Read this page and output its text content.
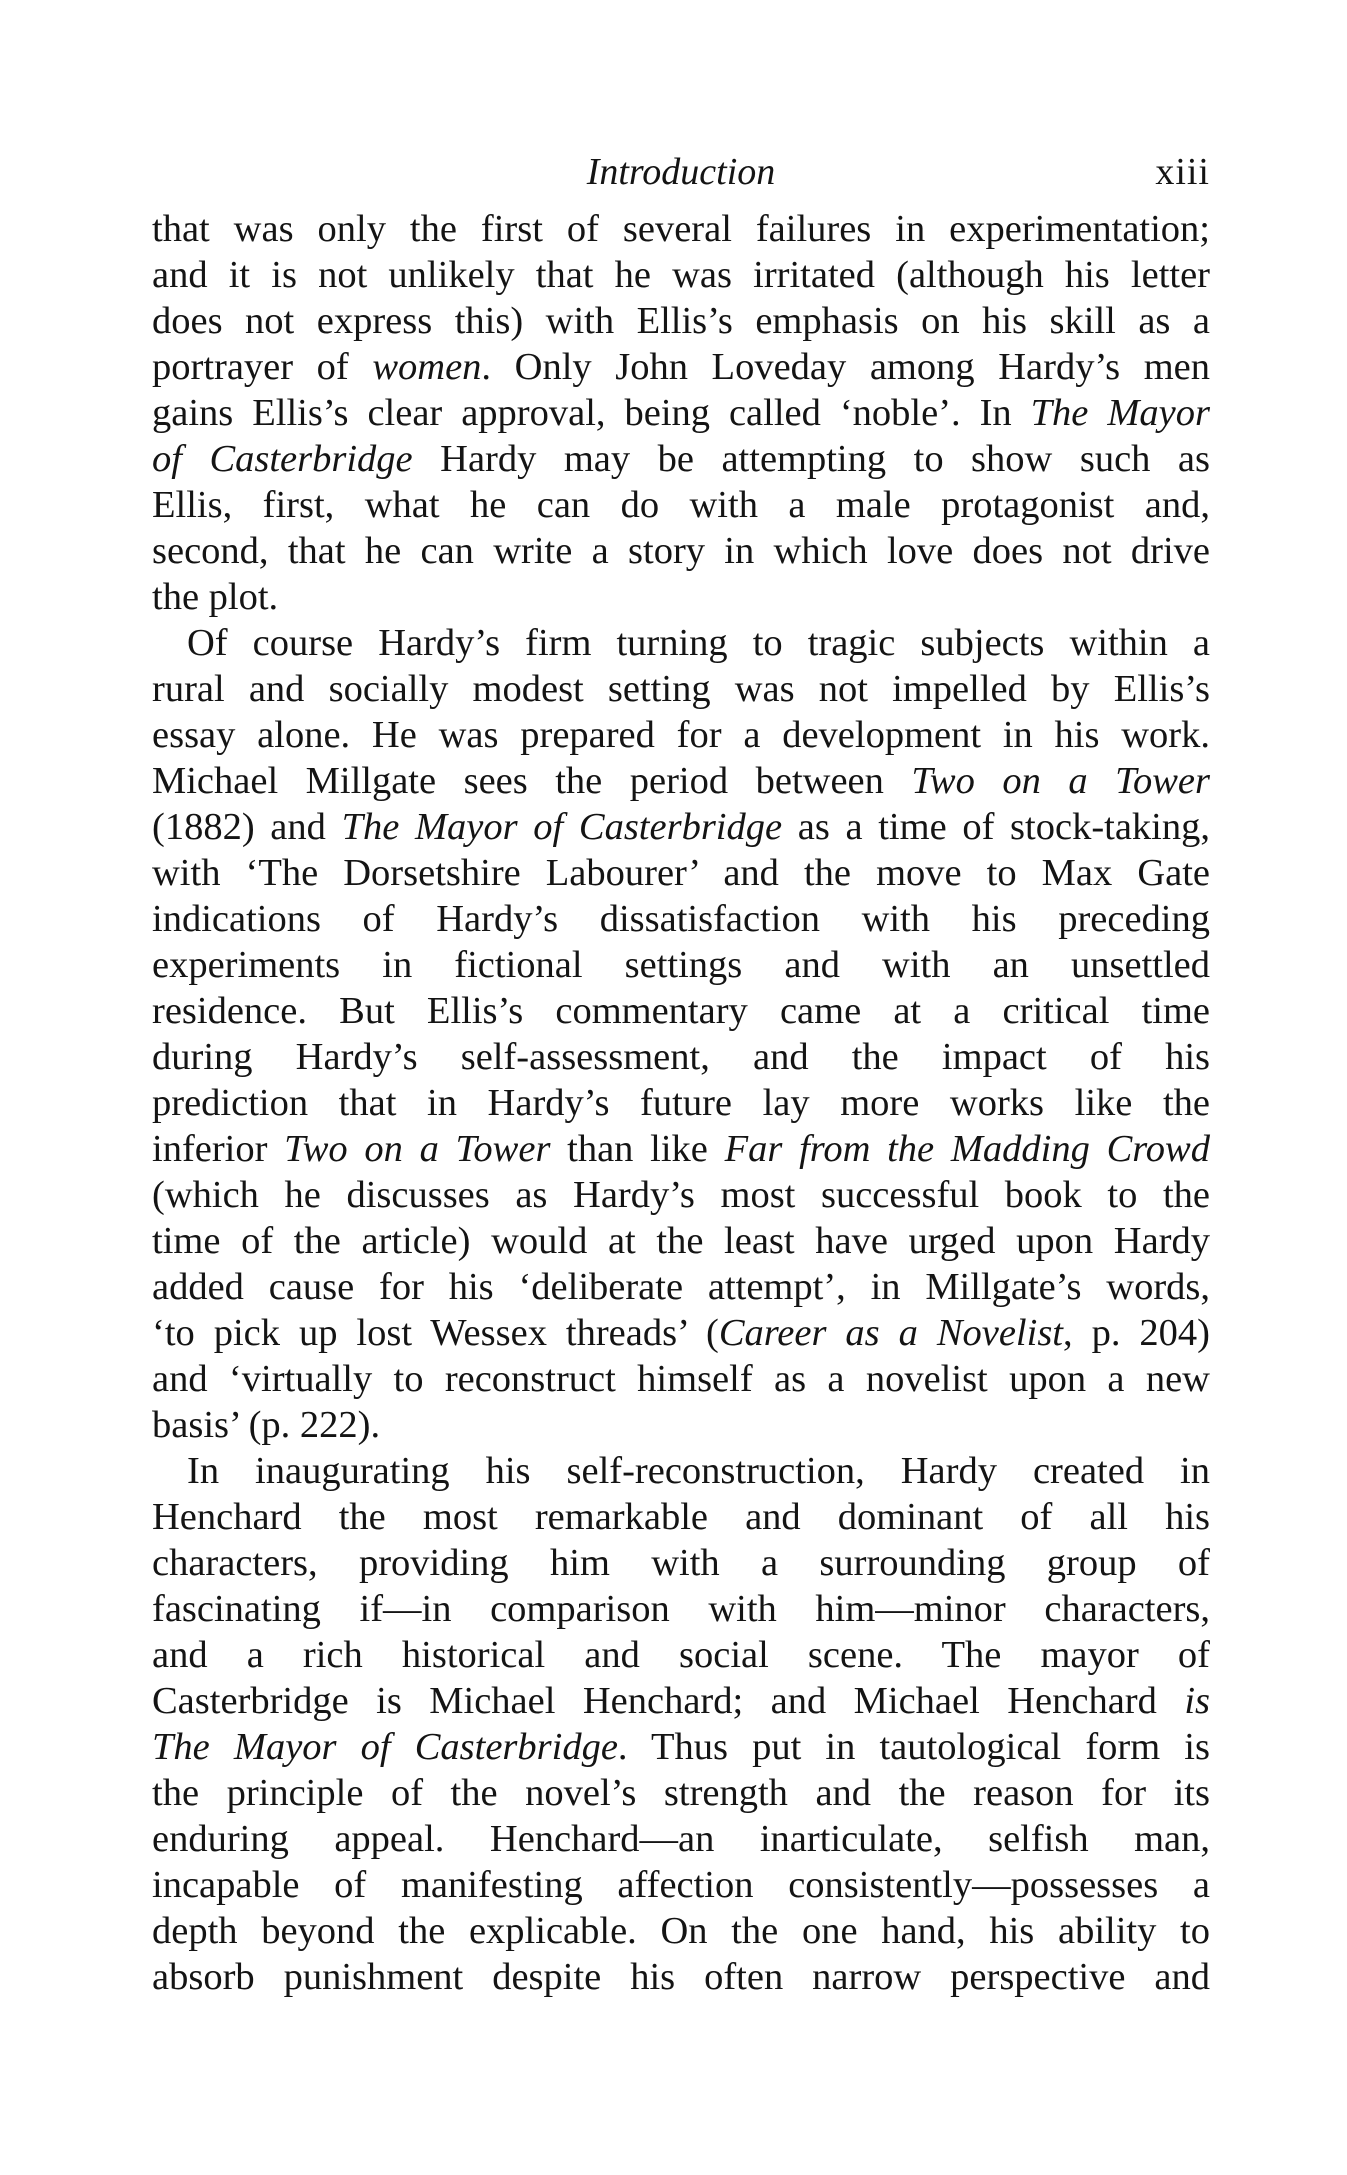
Introduction	xiii
that was only the first of several failures in experimentation;
and it is not unlikely that he was irritated (although his letter
does not express this) with Ellis’s emphasis on his skill as a
portrayer of women. Only John Loveday among Hardy’s men
gains Ellis’s clear approval, being called ‘noble’. In The Mayor
of Casterbridge Hardy may be attempting to show such as
Ellis, first, what he can do with a male protagonist and,
second, that he can write a story in which love does not drive
the plot.
Of course Hardy’s firm turning to tragic subjects within a
rural and socially modest setting was not impelled by Ellis’s
essay alone. He was prepared for a development in his work.
Michael Millgate sees the period between Two on a Tower
(1882) and The Mayor of Casterbridge as a time of stock-taking,
with ‘The Dorsetshire Labourer’ and the move to Max Gate
indications of Hardy’s dissatisfaction with his preceding
experiments in fictional settings and with an unsettled
residence. But Ellis’s commentary came at a critical time
during Hardy’s self-assessment, and the impact of his
prediction that in Hardy’s future lay more works like the
inferior Two on a Tower than like Far from the Madding Crowd
(which he discusses as Hardy’s most successful book to the
time of the article) would at the least have urged upon Hardy
added cause for his ‘deliberate attempt’, in Millgate’s words,
‘to pick up lost Wessex threads’ (Career as a Novelist, p. 204)
and ‘virtually to reconstruct himself as a novelist upon a new
basis’ (p. 222).
In inaugurating his self-reconstruction, Hardy created in
Henchard the most remarkable and dominant of all his
characters, providing him with a surrounding group of
fascinating if—in comparison with him—minor characters,
and a rich historical and social scene. The mayor of
Casterbridge is Michael Henchard; and Michael Henchard is
The Mayor of Casterbridge. Thus put in tautological form is
the principle of the novel’s strength and the reason for its
enduring appeal. Henchard—an inarticulate, selfish man,
incapable of manifesting affection consistently—possesses a
depth beyond the explicable. On the one hand, his ability to
absorb punishment despite his often narrow perspective and
